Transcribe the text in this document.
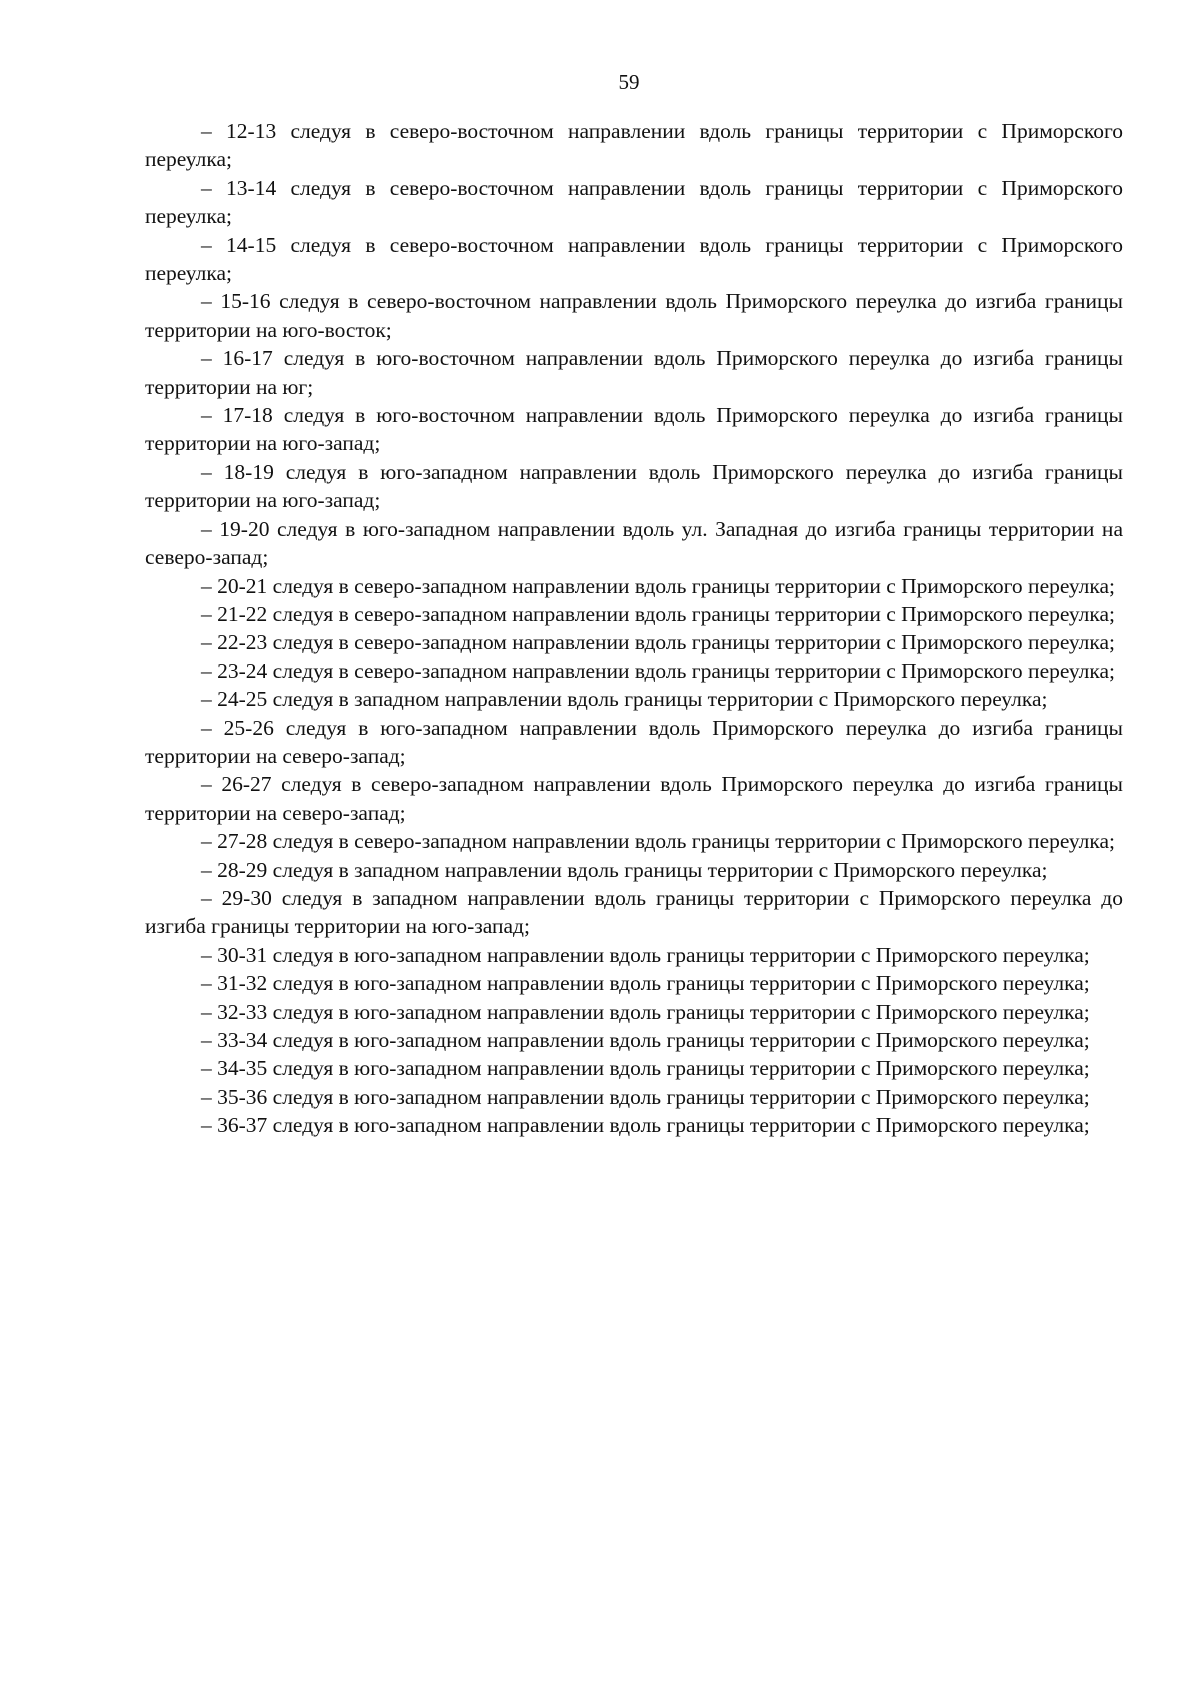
59

– 12-13 следуя в северо-восточном направлении вдоль границы территории с Приморского переулка;

– 13-14 следуя в северо-восточном направлении вдоль границы территории с Приморского переулка;

– 14-15 следуя в северо-восточном направлении вдоль границы территории с Приморского переулка;

– 15-16 следуя в северо-восточном направлении вдоль Приморского переулка до изгиба границы территории на юго-восток;

– 16-17 следуя в юго-восточном направлении вдоль Приморского переулка до изгиба границы территории на юг;

– 17-18 следуя в юго-восточном направлении вдоль Приморского переулка до изгиба границы территории на юго-запад;

– 18-19 следуя в юго-западном направлении вдоль Приморского переулка до изгиба границы территории на юго-запад;

– 19-20 следуя в юго-западном направлении вдоль ул. Западная до изгиба границы территории на северо-запад;

– 20-21 следуя в северо-западном направлении вдоль границы территории с Приморского переулка;

– 21-22 следуя в северо-западном направлении вдоль границы территории с Приморского переулка;

– 22-23 следуя в северо-западном направлении вдоль границы территории с Приморского переулка;

– 23-24 следуя в северо-западном направлении вдоль границы территории с Приморского переулка;

– 24-25 следуя в западном направлении вдоль границы территории с Приморского переулка;

– 25-26 следуя в юго-западном направлении вдоль Приморского переулка до изгиба границы территории на северо-запад;

– 26-27 следуя в северо-западном направлении вдоль Приморского переулка до изгиба границы территории на северо-запад;

– 27-28 следуя в северо-западном направлении вдоль границы территории с Приморского переулка;

– 28-29 следуя в западном направлении вдоль границы территории с Приморского переулка;

– 29-30 следуя в западном направлении вдоль границы территории с Приморского переулка до изгиба границы территории на юго-запад;

– 30-31 следуя в юго-западном направлении вдоль границы территории с Приморского переулка;

– 31-32 следуя в юго-западном направлении вдоль границы территории с Приморского переулка;

– 32-33 следуя в юго-западном направлении вдоль границы территории с Приморского переулка;

– 33-34 следуя в юго-западном направлении вдоль границы территории с Приморского переулка;

– 34-35 следуя в юго-западном направлении вдоль границы территории с Приморского переулка;

– 35-36 следуя в юго-западном направлении вдоль границы территории с Приморского переулка;

– 36-37 следуя в юго-западном направлении вдоль границы территории с Приморского переулка;
